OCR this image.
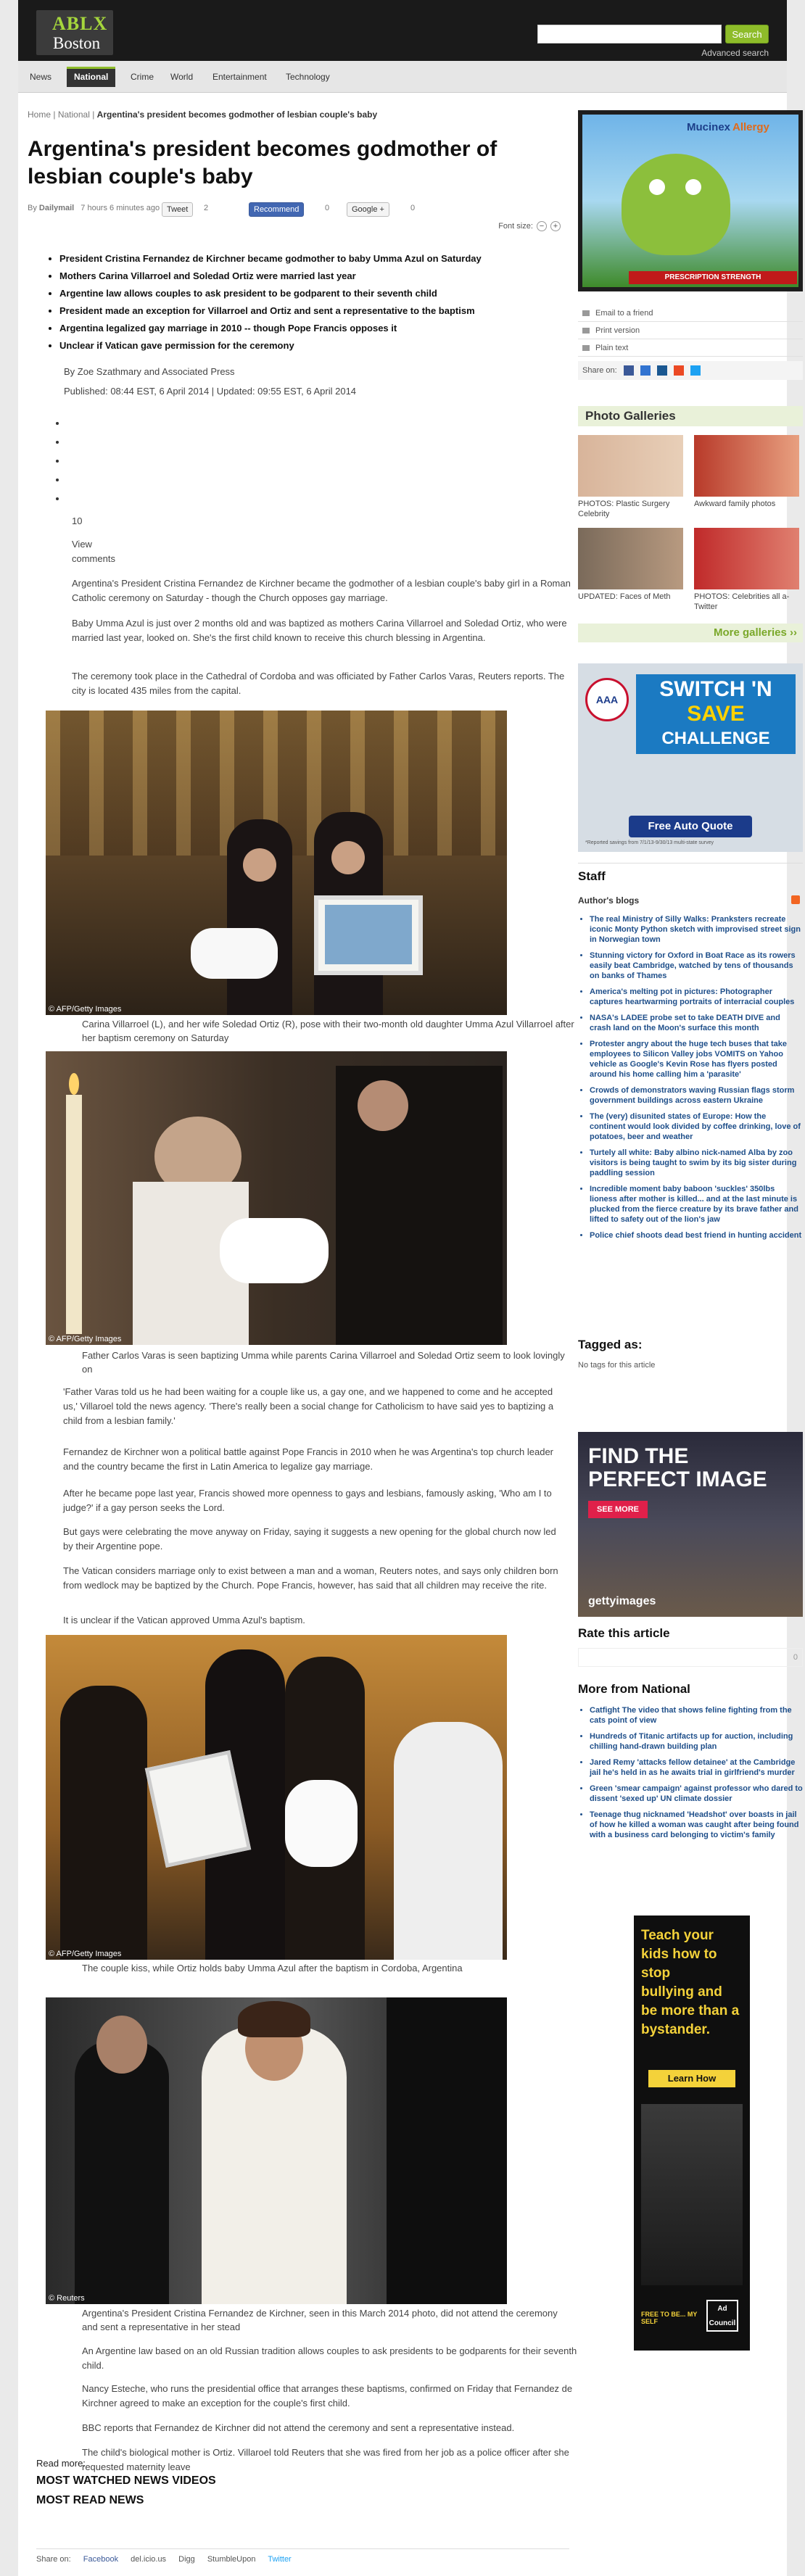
ABLX
Boston	Search
Advanced search
News	National	Crime	World	Entertainment	Technology
Home | National | Argentina's president becomes godmother of lesbian couple's baby
Argentina's president becomes godmother of lesbian couple's baby
By Dailymail 7 hours 6 minutes ago Tweet	2	Recommend	0	Google +	0
Font size: − +
• President Cristina Fernandez de Kirchner became godmother to baby Umma Azul on Saturday
• Mothers Carina Villarroel and Soledad Ortiz were married last year
• Argentine law allows couples to ask president to be godparent to their seventh child
• President made an exception for Villarroel and Ortiz and sent a representative to the baptism
• Argentina legalized gay marriage in 2010 -- though Pope Francis opposes it
• Unclear if Vatican gave permission for the ceremony
By Zoe Szathmary and Associated Press
Published: 08:44 EST, 6 April 2014 | Updated: 09:55 EST, 6 April 2014
10
View
comments
Argentina's President Cristina Fernandez de Kirchner became the godmother of a lesbian couple's baby girl in a Roman Catholic ceremony on Saturday - though the Church opposes gay marriage.
Baby Umma Azul is just over 2 months old and was baptized as mothers Carina Villarroel and Soledad Ortiz, who were married last year, looked on. She's the first child known to receive this church blessing in Argentina.
The ceremony took place in the Cathedral of Cordoba and was officiated by Father Carlos Varas, Reuters reports. The city is located 435 miles from the capital.
© AFP/Getty Images
Carina Villarroel (L), and her wife Soledad Ortiz (R), pose with their two-month old daughter Umma Azul Villarroel after her baptism ceremony on Saturday
© AFP/Getty Images
Father Carlos Varas is seen baptizing Umma while parents Carina Villarroel and Soledad Ortiz seem to look lovingly on
'Father Varas told us he had been waiting for a couple like us, a gay one, and we happened to come and he accepted us,' Villaroel told the news agency. 'There's really been a social change for Catholicism to have said yes to baptizing a child from a lesbian family.'
Fernandez de Kirchner won a political battle against Pope Francis in 2010 when he was Argentina's top church leader and the country became the first in Latin America to legalize gay marriage.
After he became pope last year, Francis showed more openness to gays and lesbians, famously asking, 'Who am I to judge?' if a gay person seeks the Lord.
But gays were celebrating the move anyway on Friday, saying it suggests a new opening for the global church now led by their Argentine pope.
The Vatican considers marriage only to exist between a man and a woman, Reuters notes, and says only children born from wedlock may be baptized by the Church. Pope Francis, however, has said that all children may receive the rite.
It is unclear if the Vatican approved Umma Azul's baptism.
© AFP/Getty Images
The couple kiss, while Ortiz holds baby Umma Azul after the baptism in Cordoba, Argentina
© Reuters
Argentina's President Cristina Fernandez de Kirchner, seen in this March 2014 photo, did not attend the ceremony and sent a representative in her stead
An Argentine law based on an old Russian tradition allows couples to ask presidents to be godparents for their seventh child.
Nancy Esteche, who runs the presidential office that arranges these baptisms, confirmed on Friday that Fernandez de Kirchner agreed to make an exception for the couple's first child.
BBC reports that Fernandez de Kirchner did not attend the ceremony and sent a representative instead.
The child's biological mother is Ortiz. Villaroel told Reuters that she was fired from her job as a police officer after she requested maternity leave
Read more:
MOST WATCHED NEWS VIDEOS
MOST READ NEWS
Share on: Facebook del.icio.us Digg StumbleUpon Twitter
Mucinex Allergy
PRESCRIPTION STRENGTH
Email to a friend
Print version
Plain text
Share on:
Photo Galleries
PHOTOS: Plastic Surgery Celebrity
Awkward family photos
UPDATED: Faces of Meth	PHOTOS: Celebrities all a-Twitter
More galleries ››
AAA	SWITCH 'N
SAVE
CHALLENGE
Free Auto Quote
*Reported savings from 7/1/13-9/30/13 multi-state survey
Staff
Author's blogs
• The real Ministry of Silly Walks: Pranksters recreate iconic Monty Python sketch with improvised street sign in Norwegian town
• Stunning victory for Oxford in Boat Race as its rowers easily beat Cambridge, watched by tens of thousands on banks of Thames
• America's melting pot in pictures: Photographer captures heartwarming portraits of interracial couples
• NASA's LADEE probe set to take DEATH DIVE and crash land on the Moon's surface this month
• Protester angry about the huge tech buses that take employees to Silicon Valley jobs VOMITS on Yahoo vehicle as Google's Kevin Rose has flyers posted around his home calling him a 'parasite'
• Crowds of demonstrators waving Russian flags storm government buildings across eastern Ukraine
• The (very) disunited states of Europe: How the continent would look divided by coffee drinking, love of potatoes, beer and weather
• Turtely all white: Baby albino nick-named Alba by zoo visitors is being taught to swim by its big sister during paddling session
• Incredible moment baby baboon 'suckles' 350lbs lioness after mother is killed... and at the last minute is plucked from the fierce creature by its brave father and lifted to safety out of the lion's jaw
• Police chief shoots dead best friend in hunting accident
Tagged as:
No tags for this article
FIND THE
PERFECT IMAGE
SEE MORE
gettyimages
Rate this article
0
More from National
• Catfight The video that shows feline fighting from the cats point of view
• Hundreds of Titanic artifacts up for auction, including chilling hand-drawn building plan
• Jared Remy 'attacks fellow detainee' at the Cambridge jail he's held in as he awaits trial in girlfriend's murder
• Green 'smear campaign' against professor who dared to dissent 'sexed up' UN climate dossier
• Teenage thug nicknamed 'Headshot' over boasts in jail of how he killed a woman was caught after being found with a business card belonging to victim's family
Teach your
kids how to stop
bullying and
be more than a
bystander.
Learn How
Ad Council
FREE TO BE... MY SELF
